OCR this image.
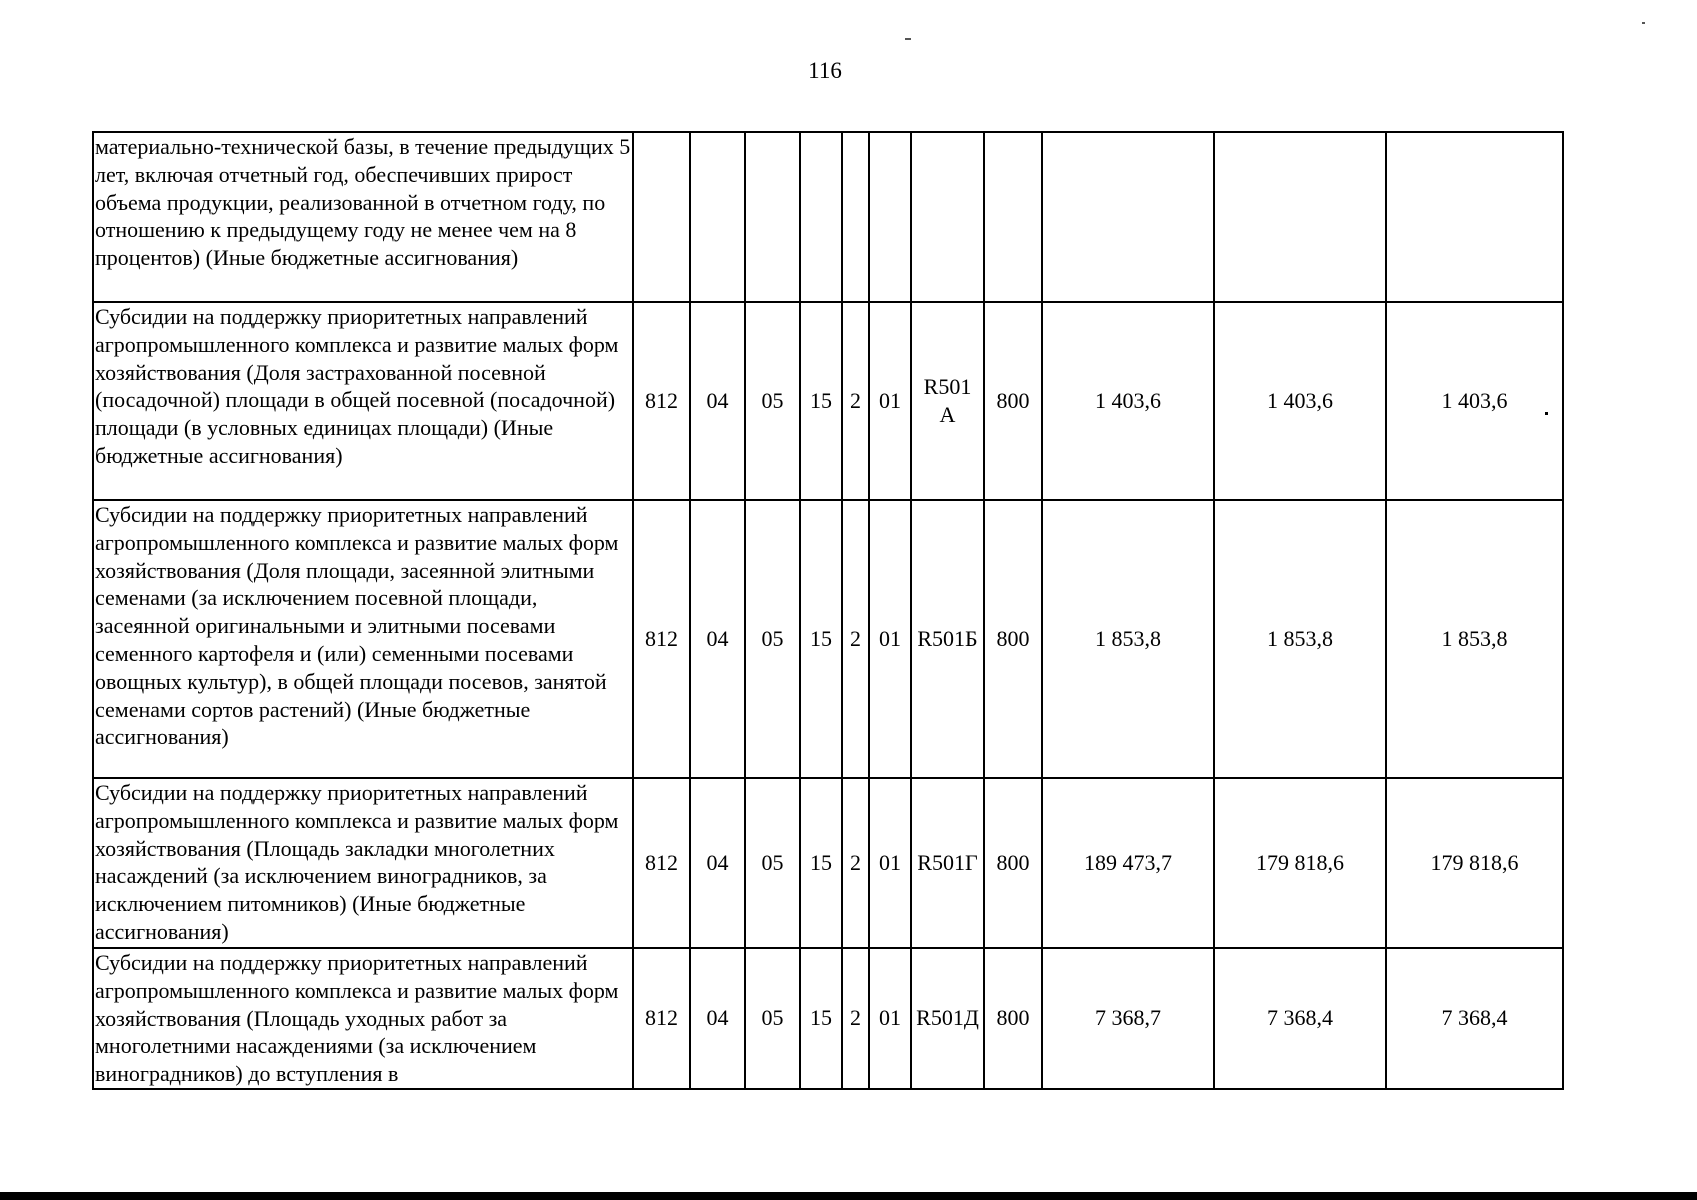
116
материально-технической базы, в течение предыдущих 5 лет, включая отчетный год, обеспечивших прирост объема продукции, реализованной в отчетном году, по отношению к предыдущему году не менее чем на 8 процентов) (Иные бюджетные ассигнования)											
Субсидии на поддержку приоритетных направлений агропромышленного комплекса и развитие малых форм хозяйствования (Доля застрахованной посевной (посадочной) площади в общей посевной (посадочной) площади (в условных единицах площади) (Иные бюджетные ассигнования)	812	04	05	15	2	01	R501 А	800	1 403,6	1 403,6	1 403,6
Субсидии на поддержку приоритетных направлений агропромышленного комплекса и развитие малых форм хозяйствования (Доля площади, засеянной элитными семенами (за исключением посевной площади, засеянной оригинальными и элитными посевами семенного картофеля и (или) семенными посевами овощных культур), в общей площади посевов, занятой семенами сортов растений) (Иные бюджетные ассигнования)	812	04	05	15	2	01	R501Б	800	1 853,8	1 853,8	1 853,8
Субсидии на поддержку приоритетных направлений агропромышленного комплекса и развитие малых форм хозяйствования (Площадь закладки многолетних насаждений (за исключением виноградников, за исключением питомников) (Иные бюджетные ассигнования)	812	04	05	15	2	01	R501Г	800	189 473,7	179 818,6	179 818,6
Субсидии на поддержку приоритетных направлений агропромышленного комплекса и развитие малых форм хозяйствования (Площадь уходных работ за многолетними насаждениями (за исключением виноградников) до вступления в	812	04	05	15	2	01	R501Д	800	7 368,7	7 368,4	7 368,4
